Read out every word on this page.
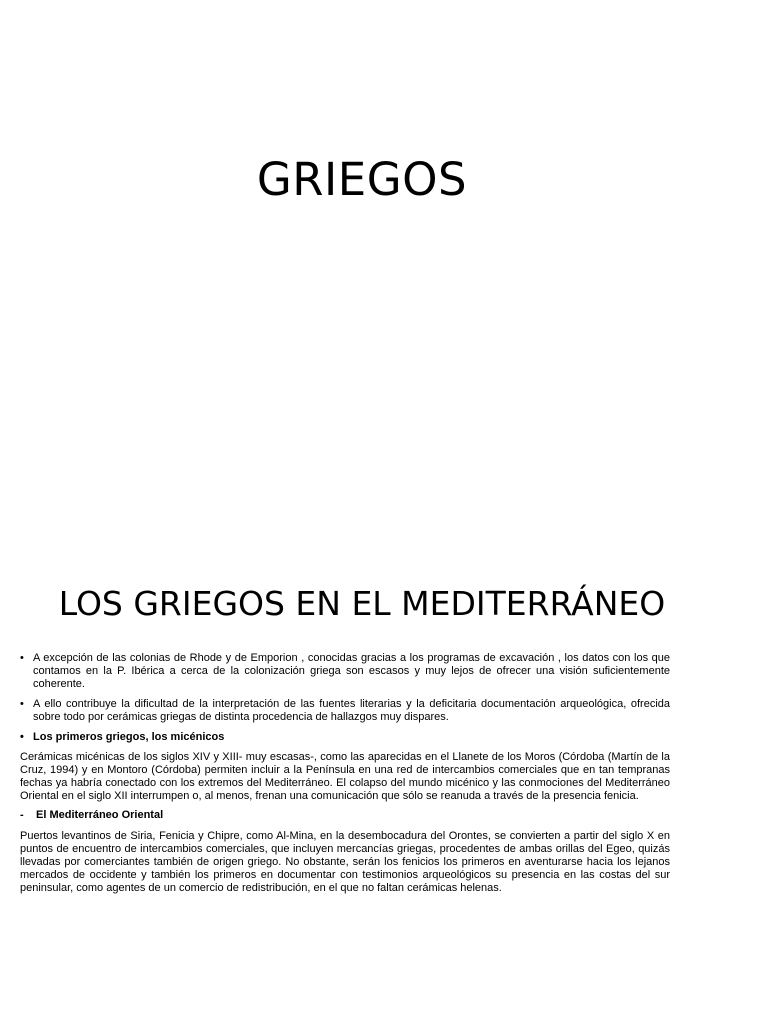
GRIEGOS
LOS GRIEGOS EN EL MEDITERRÁNEO
• A excepción de las colonias de Rhode y de Emporion , conocidas gracias a los programas de excavación , los datos con los que contamos en la P. Ibérica a cerca de la colonización griega son escasos y muy lejos de ofrecer una visión suficientemente coherente.
• A ello contribuye la dificultad de la interpretación de las fuentes literarias y la deficitaria documentación arqueológica, ofrecida sobre todo por cerámicas griegas de distinta procedencia de hallazgos muy dispares.
• Los primeros griegos, los micénicos

Cerámicas micénicas de los siglos XIV y XIII- muy escasas-, como las aparecidas en el Llanete de los Moros (Córdoba (Martín de la Cruz, 1994) y en Montoro (Córdoba) permiten incluir a la Península en una red de intercambios comerciales que en tan tempranas fechas ya habría conectado con los extremos del Mediterráneo. El colapso del mundo micénico y las conmociones del Mediterráneo Oriental en el siglo XII interrumpen o, al menos, frenan una comunicación que sólo se reanuda a través de la presencia fenicia.

- El Mediterráneo Oriental

Puertos levantinos de Siria, Fenicia y Chipre, como Al-Mina, en la desembocadura del Orontes, se convierten a partir del siglo X en puntos de encuentro de intercambios comerciales, que incluyen mercancías griegas, procedentes de ambas orillas del Egeo, quizás llevadas por comerciantes también de origen griego. No obstante, serán los fenicios los primeros en aventurarse hacia los lejanos mercados de occidente y también los primeros en documentar con testimonios arqueológicos su presencia en las costas del sur peninsular, como agentes de un comercio de redistribución, en el que no faltan cerámicas helenas.
